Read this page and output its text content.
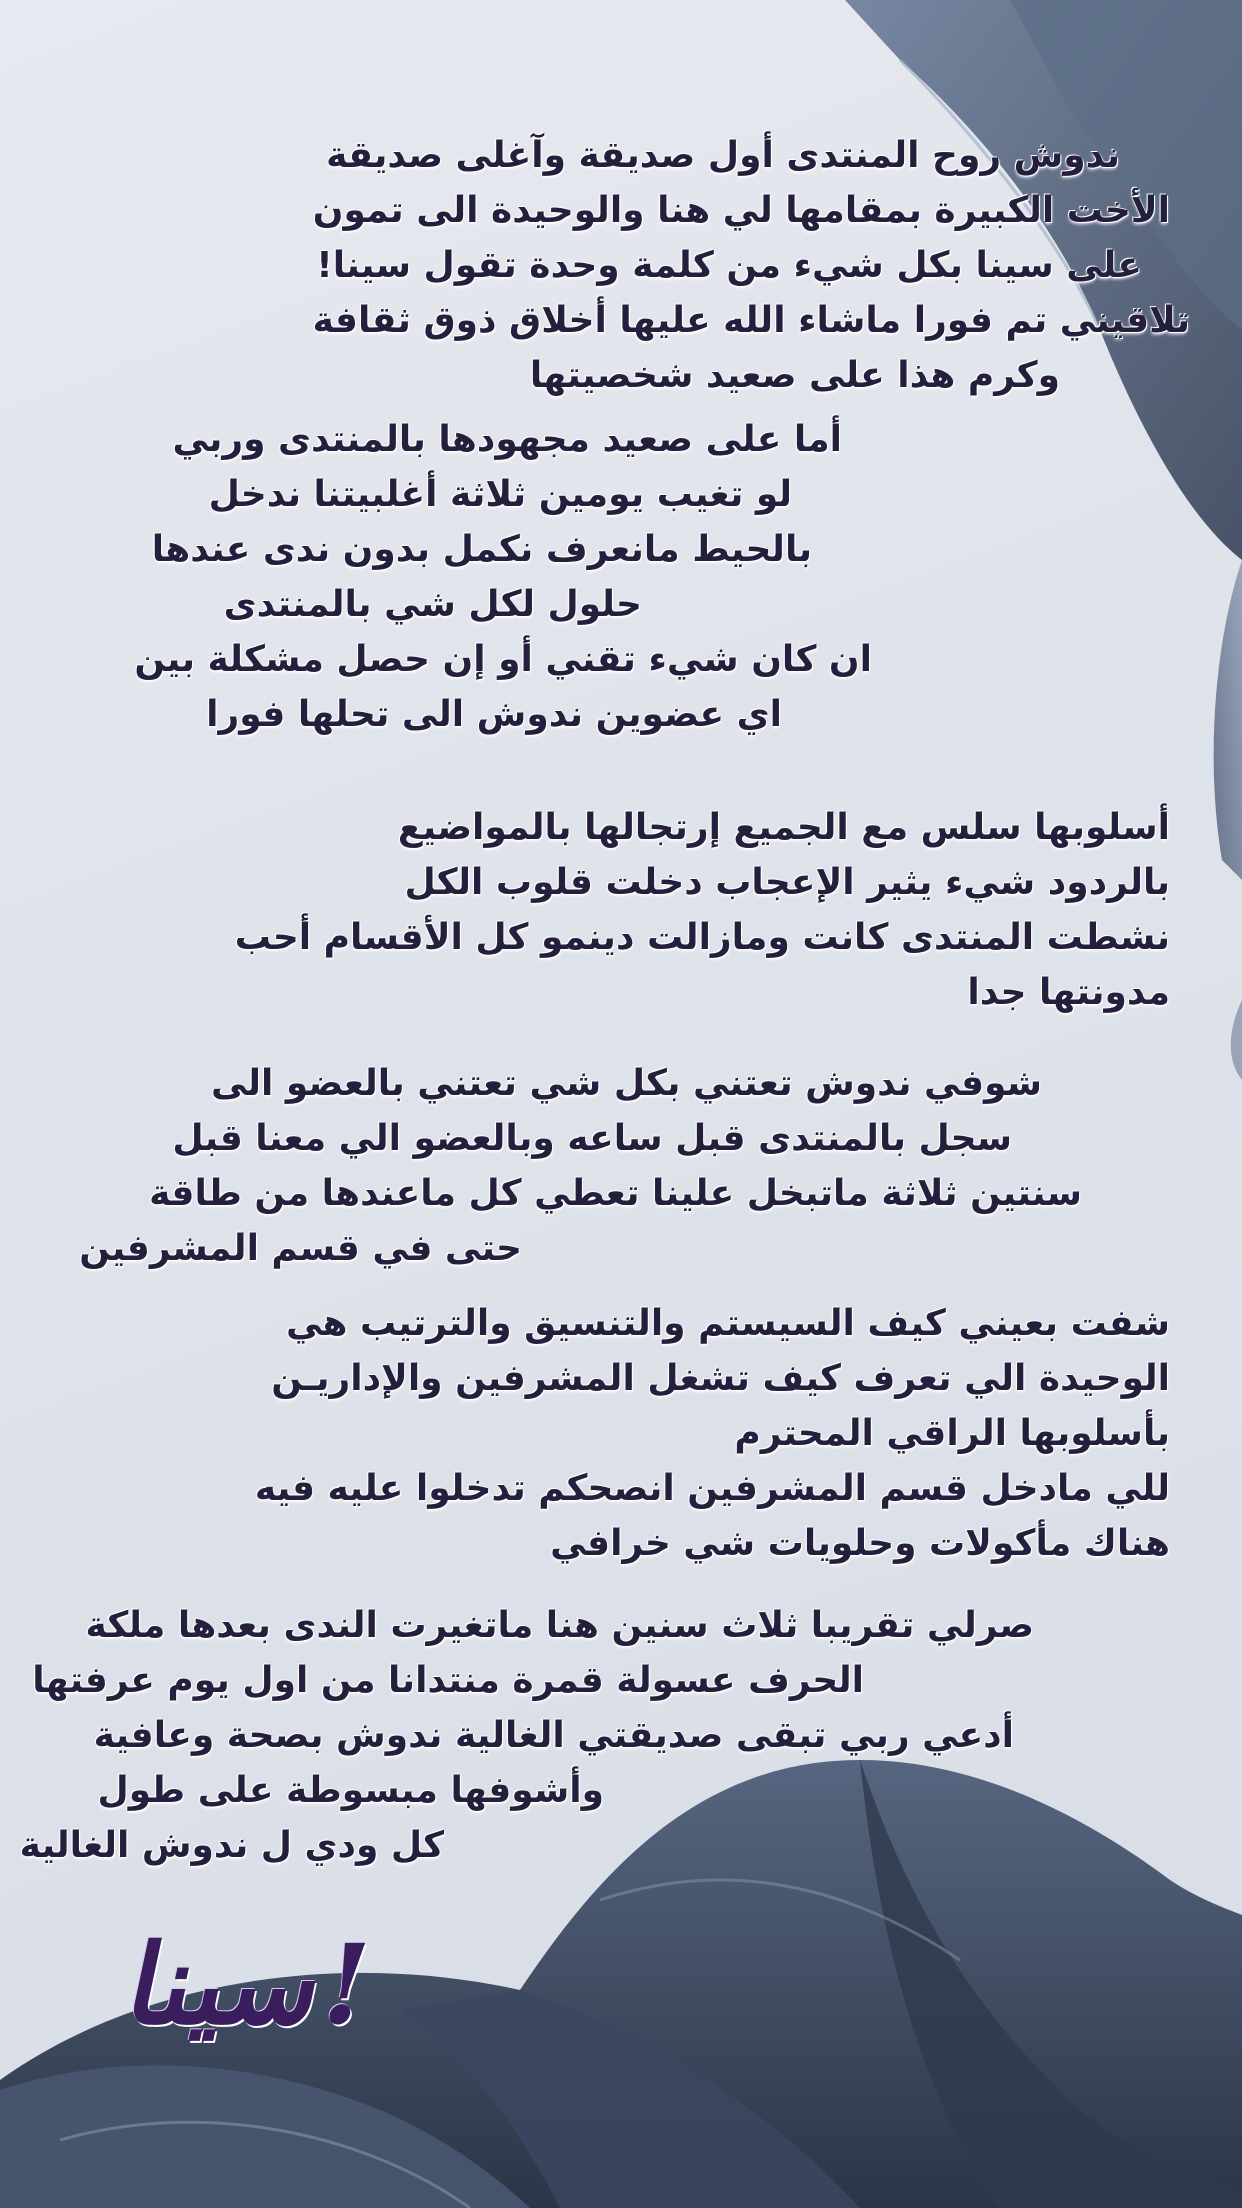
ندوش روح المنتدى أول صديقة وآغلى صديقة
الأخت الكبيرة بمقامها لي هنا والوحيدة الى تمون
على سينا بكل شيء من كلمة وحدة تقول سينا!
تلاقيني تم فورا ماشاء الله عليها أخلاق ذوق ثقافة
وكرم هذا على صعيد شخصيتها
أما على صعيد مجهودها بالمنتدى وربي
لو تغيب يومين ثلاثة أغلبيتنا ندخل
بالحيط مانعرف نكمل بدون ندى عندها
حلول لكل شي بالمنتدى
ان كان شيء تقني أو إن حصل مشكلة بين
اي عضوين ندوش الى تحلها فورا
أسلوبها سلس مع الجميع إرتجالها بالمواضيع
بالردود شيء يثير الإعجاب دخلت قلوب الكل
نشطت المنتدى كانت ومازالت دينمو كل الأقسام أحب
مدونتها جدا
شوفي ندوش تعتني بكل شي تعتني بالعضو الى
سجل بالمنتدى قبل ساعه وبالعضو الي معنا قبل
سنتين ثلاثة ماتبخل علينا تعطي كل ماعندها من طاقة
حتى في قسم المشرفين
شفت بعيني كيف السيستم والتنسيق والترتيب هي
الوحيدة الي تعرف كيف تشغل المشرفين والإداريـن
بأسلوبها الراقي المحترم
للي مادخل قسم المشرفين انصحكم تدخلوا عليه فيه
هناك مأكولات وحلويات شي خرافي
صرلي تقريبا ثلاث سنين هنا ماتغيرت الندى بعدها ملكة
الحرف عسولة قمرة منتدانا من اول يوم عرفتها
أدعي ربي تبقى صديقتي الغالية ندوش بصحة وعافية
وأشوفها مبسوطة على طول
كل ودي ل ندوش الغالية
سينا!
